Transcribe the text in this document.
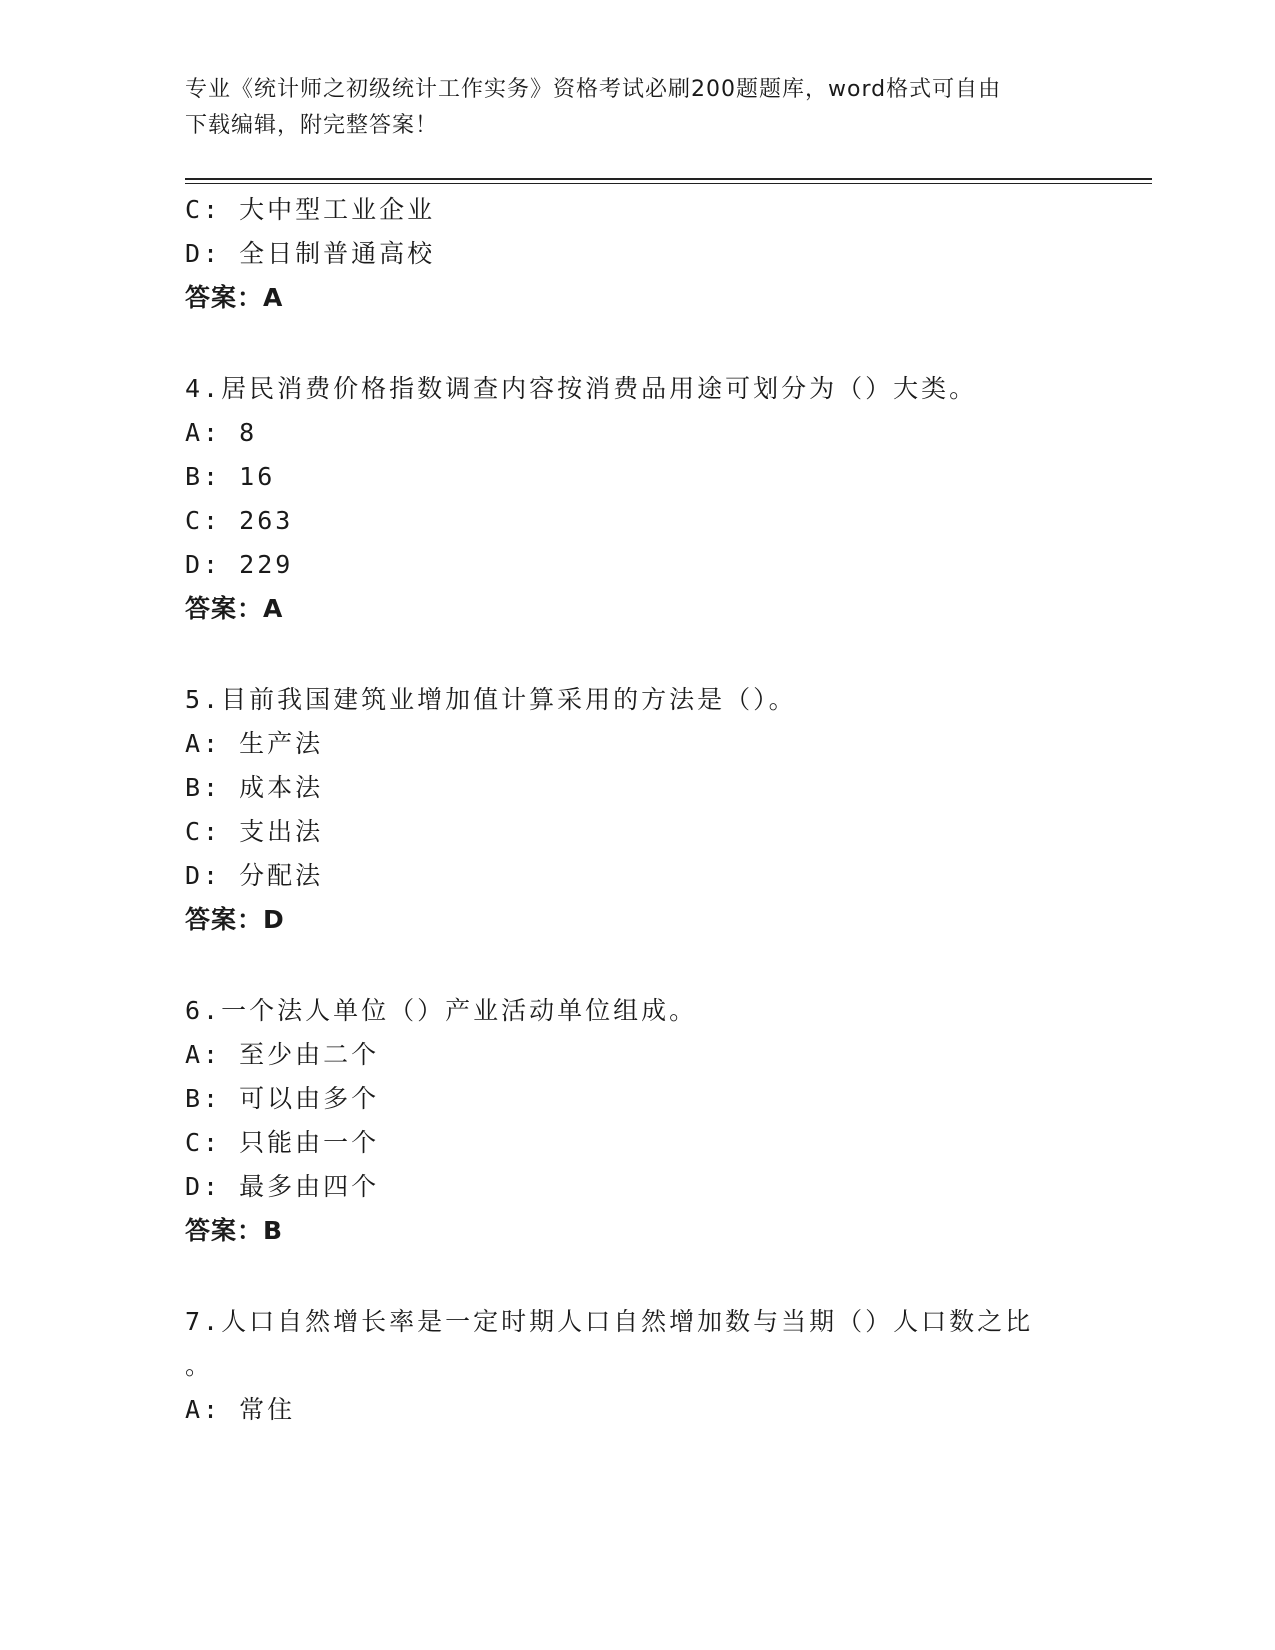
专业《统计师之初级统计工作实务》资格考试必刷200题题库，word格式可自由
下载编辑，附完整答案！
C: 大中型工业企业
D: 全日制普通高校
答案：A
4.居民消费价格指数调查内容按消费品用途可划分为（）大类。
A: 8
B: 16
C: 263
D: 229
答案：A
5.目前我国建筑业增加值计算采用的方法是（）。
A: 生产法
B: 成本法
C: 支出法
D: 分配法
答案：D
6.一个法人单位（）产业活动单位组成。
A: 至少由二个
B: 可以由多个
C: 只能由一个
D: 最多由四个
答案：B
7.人口自然增长率是一定时期人口自然增加数与当期（）人口数之比
。
A: 常住
